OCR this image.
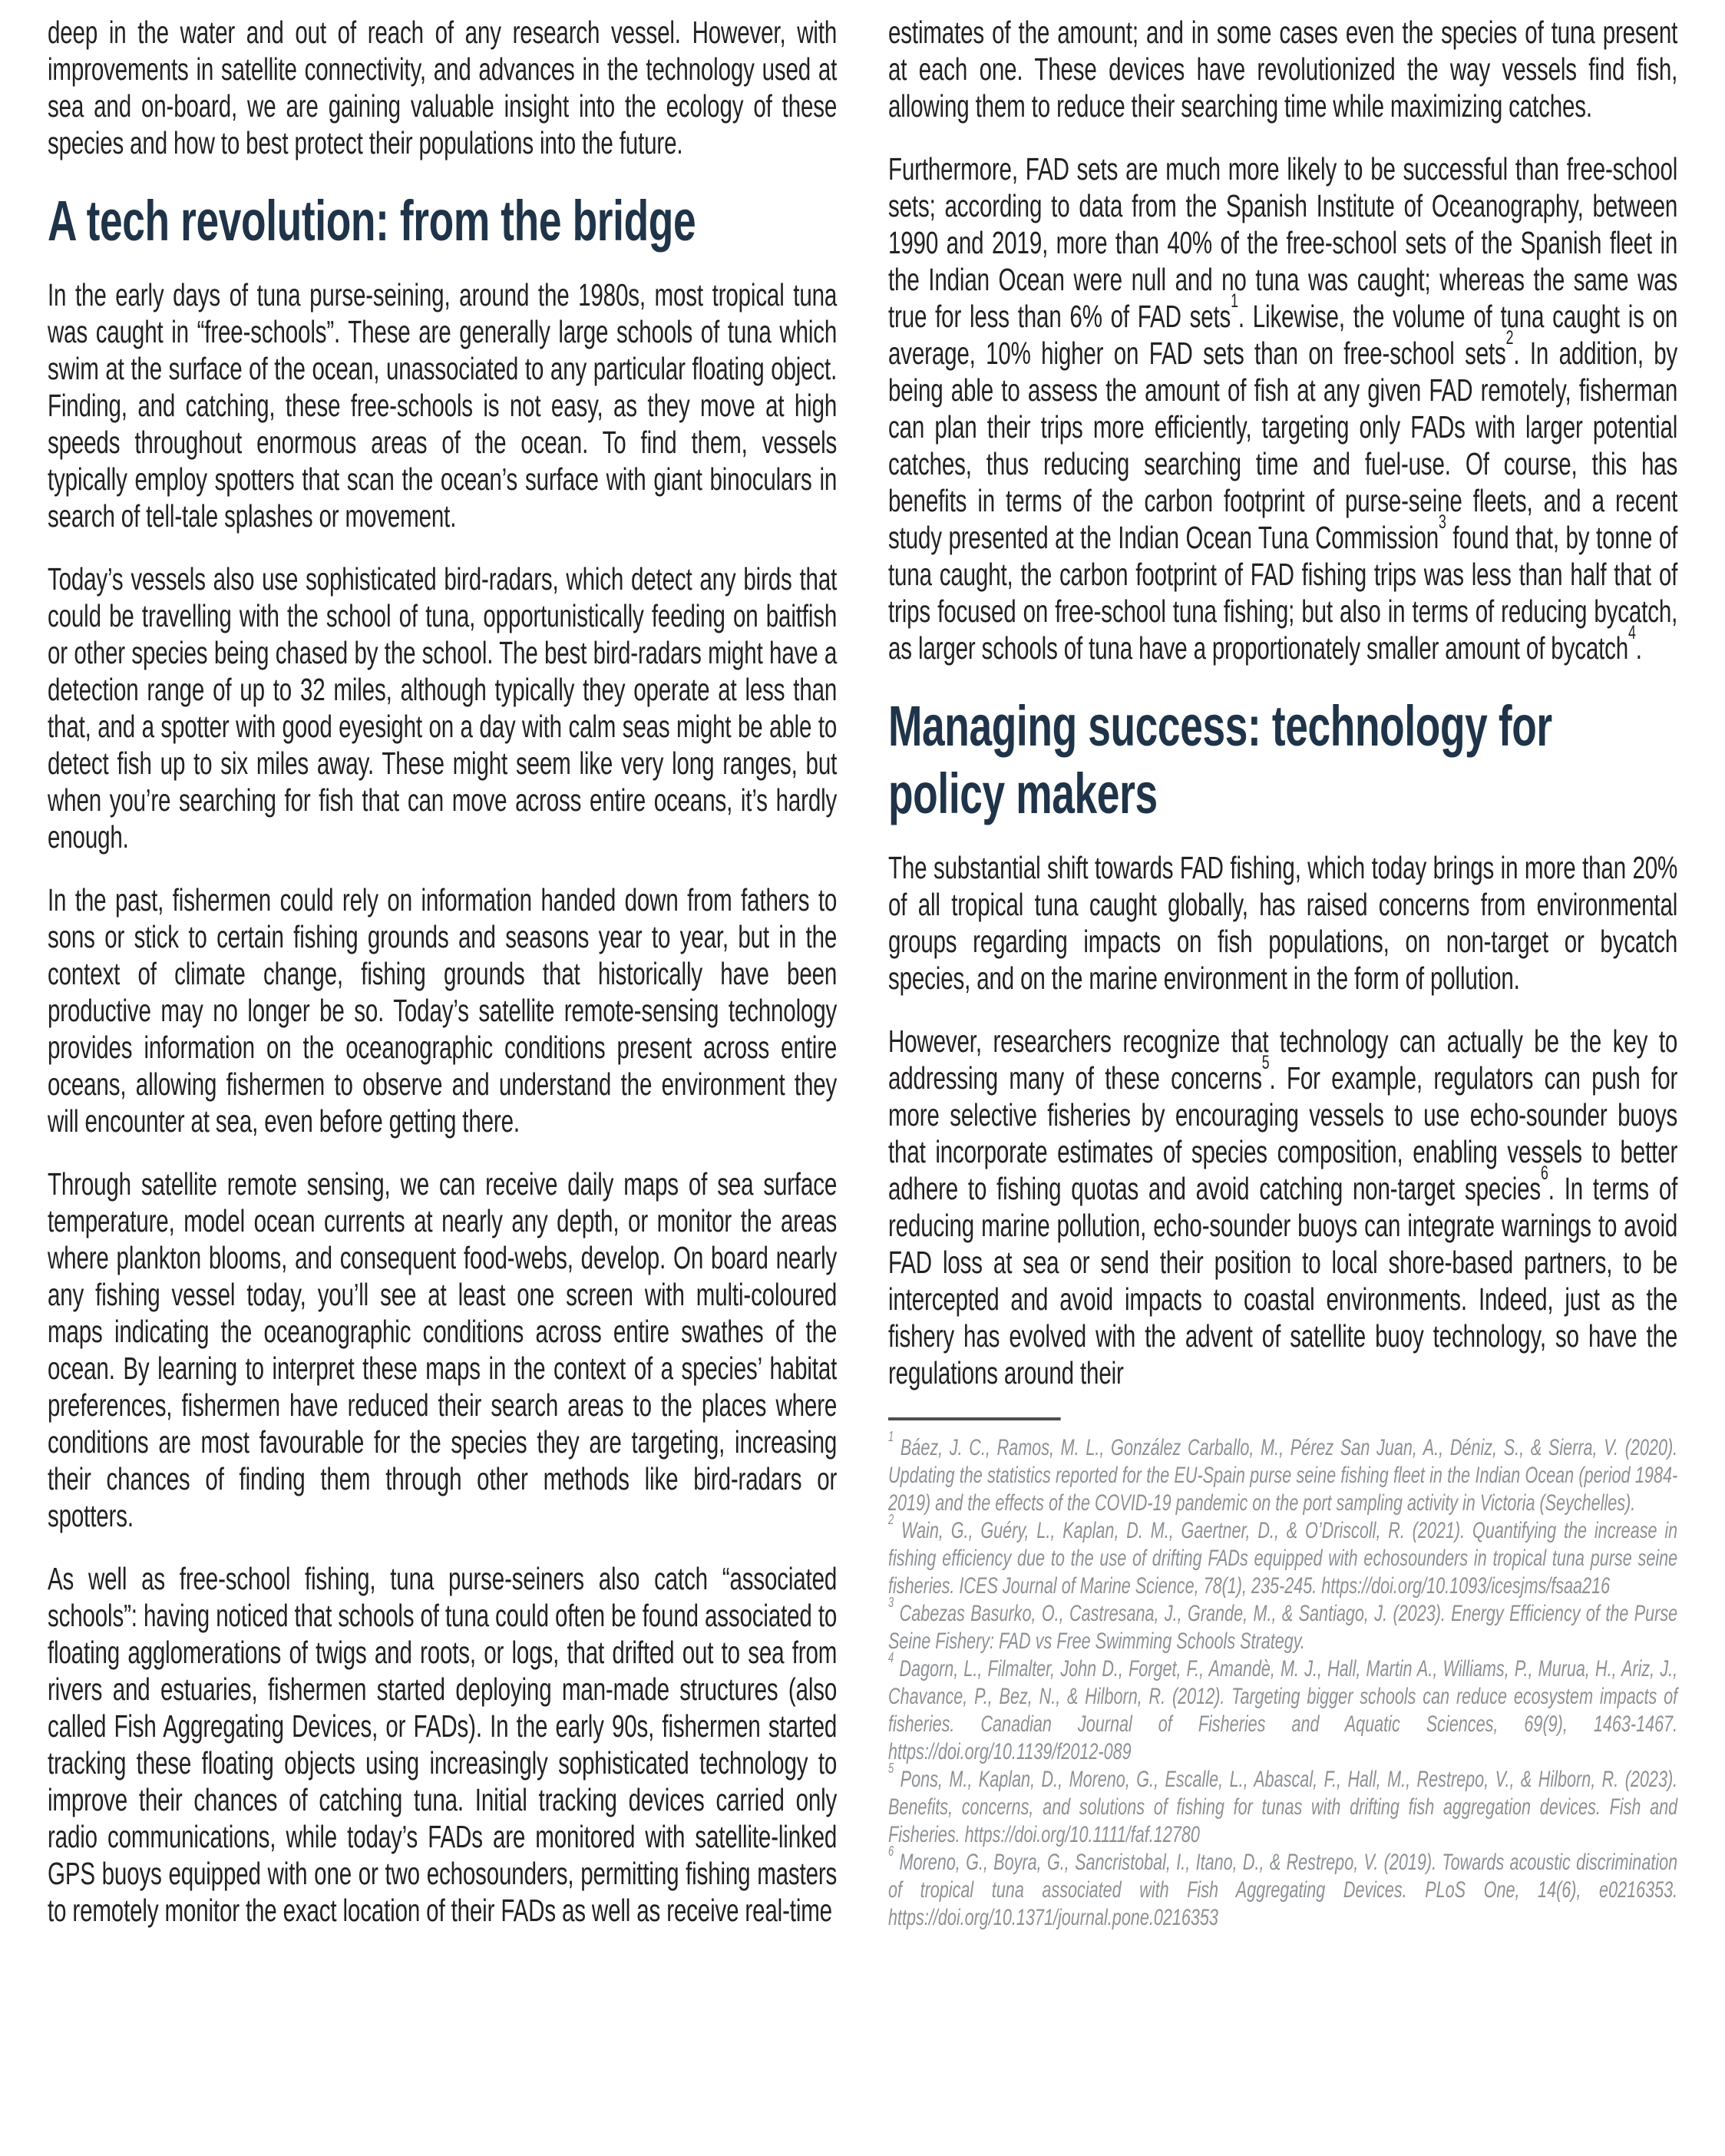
deep in the water and out of reach of any research vessel. However, with improvements in satellite connectivity, and advances in the technology used at sea and on-board, we are gaining valuable insight into the ecology of these species and how to best protect their populations into the future.

A tech revolution: from the bridge

In the early days of tuna purse-seining, around the 1980s, most tropical tuna was caught in “free-schools”. These are generally large schools of tuna which swim at the surface of the ocean, unassociated to any particular floating object. Finding, and catching, these free-schools is not easy, as they move at high speeds throughout enormous areas of the ocean. To find them, vessels typically employ spotters that scan the ocean’s surface with giant binoculars in search of tell-tale splashes or movement.

Today’s vessels also use sophisticated bird-radars, which detect any birds that could be travelling with the school of tuna, opportunistically feeding on baitfish or other species being chased by the school. The best bird-radars might have a detection range of up to 32 miles, although typically they operate at less than that, and a spotter with good eyesight on a day with calm seas might be able to detect fish up to six miles away. These might seem like very long ranges, but when you’re searching for fish that can move across entire oceans, it’s hardly enough.

In the past, fishermen could rely on information handed down from fathers to sons or stick to certain fishing grounds and seasons year to year, but in the context of climate change, fishing grounds that historically have been productive may no longer be so. Today’s satellite remote-sensing technology provides information on the oceanographic conditions present across entire oceans, allowing fishermen to observe and understand the environment they will encounter at sea, even before getting there.

Through satellite remote sensing, we can receive daily maps of sea surface temperature, model ocean currents at nearly any depth, or monitor the areas where plankton blooms, and consequent food-webs, develop. On board nearly any fishing vessel today, you’ll see at least one screen with multi-coloured maps indicating the oceanographic conditions across entire swathes of the ocean. By learning to interpret these maps in the context of a species’ habitat preferences, fishermen have reduced their search areas to the places where conditions are most favourable for the species they are targeting, increasing their chances of finding them through other methods like bird-radars or spotters.

As well as free-school fishing, tuna purse-seiners also catch “associated schools”: having noticed that schools of tuna could often be found associated to floating agglomerations of twigs and roots, or logs, that drifted out to sea from rivers and estuaries, fishermen started deploying man-made structures (also called Fish Aggregating Devices, or FADs). In the early 90s, fishermen started tracking these floating objects using increasingly sophisticated technology to improve their chances of catching tuna. Initial tracking devices carried only radio communications, while today’s FADs are monitored with satellite-linked GPS buoys equipped with one or two echosounders, permitting fishing masters to remotely monitor the exact location of their FADs as well as receive real-time

estimates of the amount; and in some cases even the species of tuna present at each one. These devices have revolutionized the way vessels find fish, allowing them to reduce their searching time while maximizing catches.

Furthermore, FAD sets are much more likely to be successful than free-school sets; according to data from the Spanish Institute of Oceanography, between 1990 and 2019, more than 40% of the free-school sets of the Spanish fleet in the Indian Ocean were null and no tuna was caught; whereas the same was true for less than 6% of FAD sets$^1$. Likewise, the volume of tuna caught is on average, 10% higher on FAD sets than on free-school sets$^2$. In addition, by being able to assess the amount of fish at any given FAD remotely, fisherman can plan their trips more efficiently, targeting only FADs with larger potential catches, thus reducing searching time and fuel-use. Of course, this has benefits in terms of the carbon footprint of purse-seine fleets, and a recent study presented at the Indian Ocean Tuna Commission$^3$ found that, by tonne of tuna caught, the carbon footprint of FAD fishing trips was less than half that of trips focused on free-school tuna fishing; but also in terms of reducing bycatch, as larger schools of tuna have a proportionately smaller amount of bycatch$^4$.

Managing success: technology for policy makers

The substantial shift towards FAD fishing, which today brings in more than 20% of all tropical tuna caught globally, has raised concerns from environmental groups regarding impacts on fish populations, on non-target or bycatch species, and on the marine environment in the form of pollution.

However, researchers recognize that technology can actually be the key to addressing many of these concerns$^5$. For example, regulators can push for more selective fisheries by encouraging vessels to use echo-sounder buoys that incorporate estimates of species composition, enabling vessels to better adhere to fishing quotas and avoid catching non-target species$^6$. In terms of reducing marine pollution, echo-sounder buoys can integrate warnings to avoid FAD loss at sea or send their position to local shore-based partners, to be intercepted and avoid impacts to coastal environments. Indeed, just as the fishery has evolved with the advent of satellite buoy technology, so have the regulations around their

$^1$ Báez, J. C., Ramos, M. L., González Carballo, M., Pérez San Juan, A., Déniz, S., & Sierra, V. (2020). Updating the statistics reported for the EU-Spain purse seine fishing fleet in the Indian Ocean (period 1984-2019) and the effects of the COVID-19 pandemic on the port sampling activity in Victoria (Seychelles).

$^2$ Wain, G., Guéry, L., Kaplan, D. M., Gaertner, D., & O’Driscoll, R. (2021). Quantifying the increase in fishing efficiency due to the use of drifting FADs equipped with echosounders in tropical tuna purse seine fisheries. ICES Journal of Marine Science, 78(1), 235-245. https://doi.org/10.1093/icesjms/fsaa216

$^3$ Cabezas Basurko, O., Castresana, J., Grande, M., & Santiago, J. (2023). Energy Efficiency of the Purse Seine Fishery: FAD vs Free Swimming Schools Strategy.

$^4$ Dagorn, L., Filmalter, John D., Forget, F., Amandè, M. J., Hall, Martin A., Williams, P., Murua, H., Ariz, J., Chavance, P., Bez, N., & Hilborn, R. (2012). Targeting bigger schools can reduce ecosystem impacts of fisheries. Canadian Journal of Fisheries and Aquatic Sciences, 69(9), 1463-1467. https://doi.org/10.1139/f2012-089

$^5$ Pons, M., Kaplan, D., Moreno, G., Escalle, L., Abascal, F., Hall, M., Restrepo, V., & Hilborn, R. (2023). Benefits, concerns, and solutions of fishing for tunas with drifting fish aggregation devices. Fish and Fisheries. https://doi.org/10.1111/faf.12780

$^6$ Moreno, G., Boyra, G., Sancristobal, I., Itano, D., & Restrepo, V. (2019). Towards acoustic discrimination of tropical tuna associated with Fish Aggregating Devices. PLoS One, 14(6), e0216353. https://doi.org/10.1371/journal.pone.0216353
